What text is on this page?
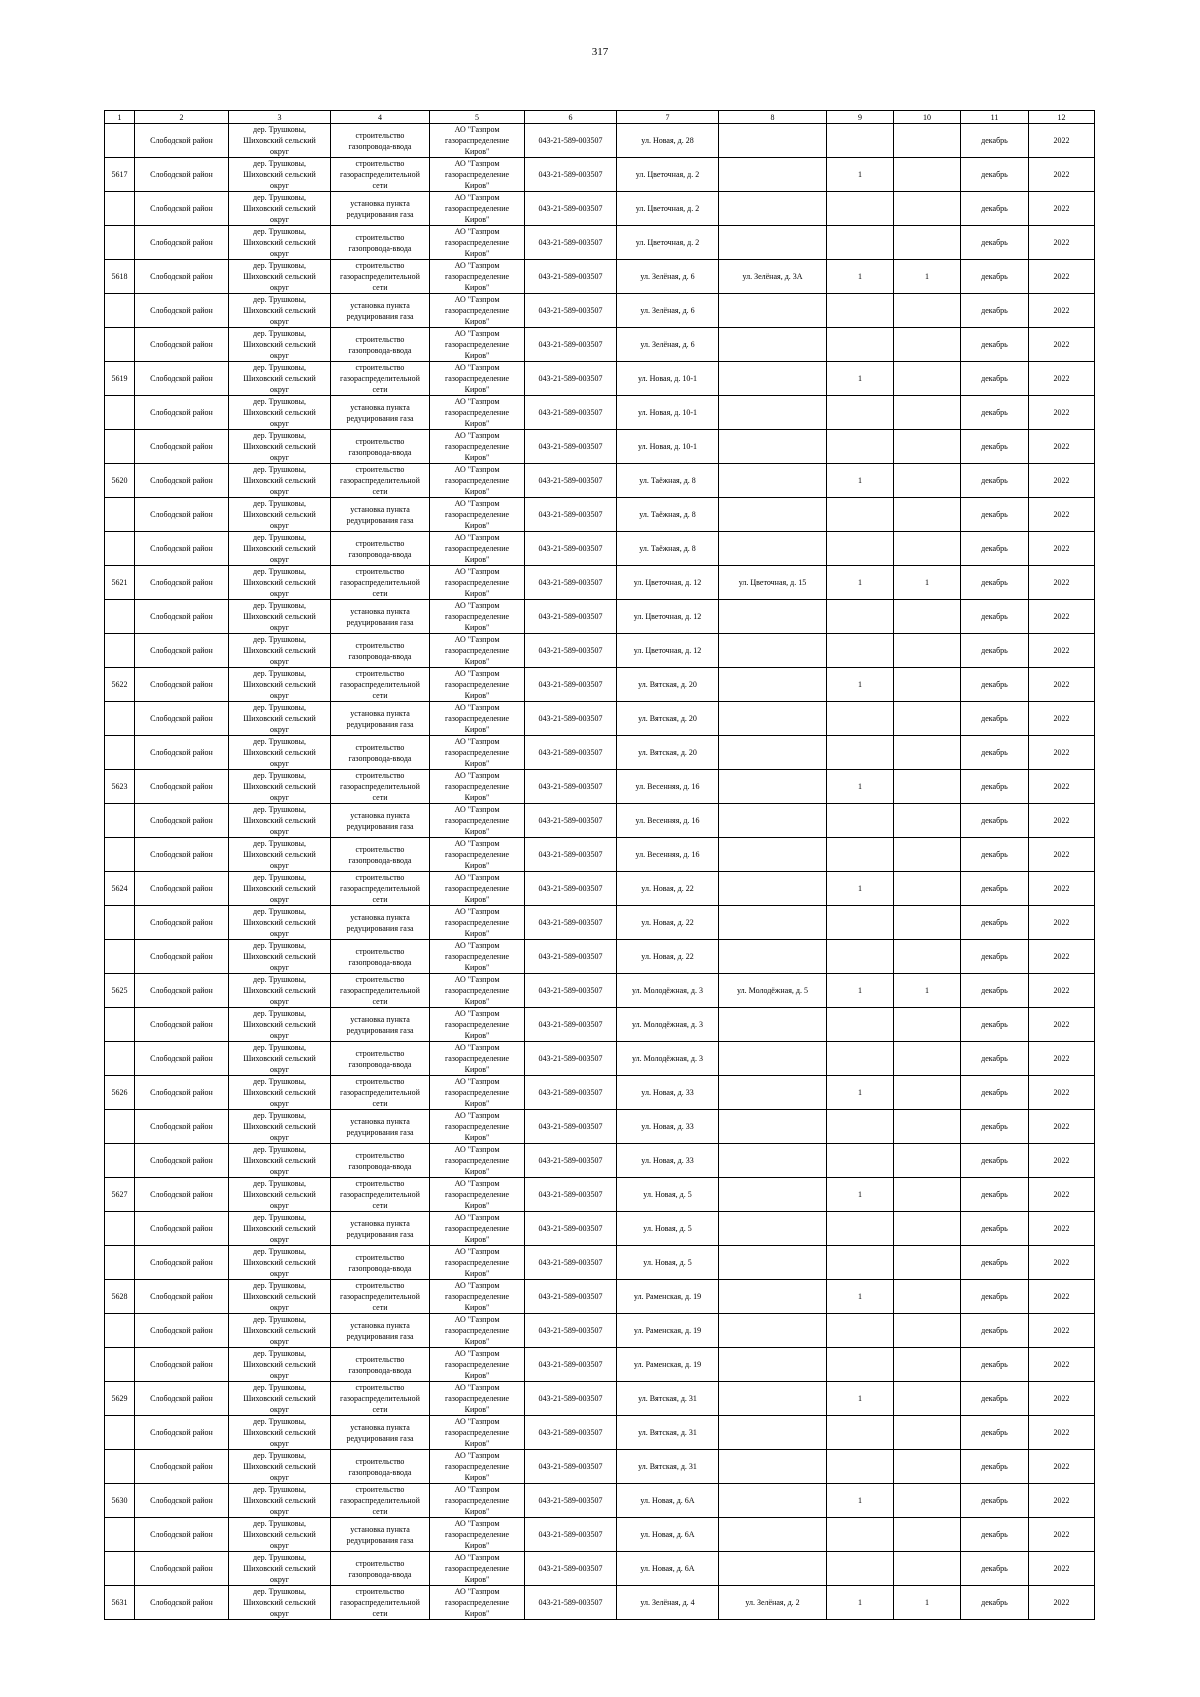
317
1	2	3	4	5	6	7	8	9	10	11	12
	Слободской район	дер. Трушковы,
Шиховский сельский
округ	строительство
газопровода-ввода	АО "Газпром
газораспределение
Киров"	043-21-589-003507	ул. Новая, д. 28				декабрь	2022
5617	Слободской район	дер. Трушковы,
Шиховский сельский
округ	строительство
газораспределительной
сети	АО "Газпром
газораспределение
Киров"	043-21-589-003507	ул. Цветочная, д. 2		1		декабрь	2022
	Слободской район	дер. Трушковы,
Шиховский сельский
округ	установка пункта
редуцирования газа	АО "Газпром
газораспределение
Киров"	043-21-589-003507	ул. Цветочная, д. 2				декабрь	2022
	Слободской район	дер. Трушковы,
Шиховский сельский
округ	строительство
газопровода-ввода	АО "Газпром
газораспределение
Киров"	043-21-589-003507	ул. Цветочная, д. 2				декабрь	2022
5618	Слободской район	дер. Трушковы,
Шиховский сельский
округ	строительство
газораспределительной
сети	АО "Газпром
газораспределение
Киров"	043-21-589-003507	ул. Зелёная, д. 6	ул. Зелёная, д. 3А	1	1	декабрь	2022
	Слободской район	дер. Трушковы,
Шиховский сельский
округ	установка пункта
редуцирования газа	АО "Газпром
газораспределение
Киров"	043-21-589-003507	ул. Зелёная, д. 6				декабрь	2022
	Слободской район	дер. Трушковы,
Шиховский сельский
округ	строительство
газопровода-ввода	АО "Газпром
газораспределение
Киров"	043-21-589-003507	ул. Зелёная, д. 6				декабрь	2022
5619	Слободской район	дер. Трушковы,
Шиховский сельский
округ	строительство
газораспределительной
сети	АО "Газпром
газораспределение
Киров"	043-21-589-003507	ул. Новая, д. 10-1		1		декабрь	2022
	Слободской район	дер. Трушковы,
Шиховский сельский
округ	установка пункта
редуцирования газа	АО "Газпром
газораспределение
Киров"	043-21-589-003507	ул. Новая, д. 10-1				декабрь	2022
	Слободской район	дер. Трушковы,
Шиховский сельский
округ	строительство
газопровода-ввода	АО "Газпром
газораспределение
Киров"	043-21-589-003507	ул. Новая, д. 10-1				декабрь	2022
5620	Слободской район	дер. Трушковы,
Шиховский сельский
округ	строительство
газораспределительной
сети	АО "Газпром
газораспределение
Киров"	043-21-589-003507	ул. Таёжная, д. 8		1		декабрь	2022
	Слободской район	дер. Трушковы,
Шиховский сельский
округ	установка пункта
редуцирования газа	АО "Газпром
газораспределение
Киров"	043-21-589-003507	ул. Таёжная, д. 8				декабрь	2022
	Слободской район	дер. Трушковы,
Шиховский сельский
округ	строительство
газопровода-ввода	АО "Газпром
газораспределение
Киров"	043-21-589-003507	ул. Таёжная, д. 8				декабрь	2022
5621	Слободской район	дер. Трушковы,
Шиховский сельский
округ	строительство
газораспределительной
сети	АО "Газпром
газораспределение
Киров"	043-21-589-003507	ул. Цветочная, д. 12	ул. Цветочная, д. 15	1	1	декабрь	2022
	Слободской район	дер. Трушковы,
Шиховский сельский
округ	установка пункта
редуцирования газа	АО "Газпром
газораспределение
Киров"	043-21-589-003507	ул. Цветочная, д. 12				декабрь	2022
	Слободской район	дер. Трушковы,
Шиховский сельский
округ	строительство
газопровода-ввода	АО "Газпром
газораспределение
Киров"	043-21-589-003507	ул. Цветочная, д. 12				декабрь	2022
5622	Слободской район	дер. Трушковы,
Шиховский сельский
округ	строительство
газораспределительной
сети	АО "Газпром
газораспределение
Киров"	043-21-589-003507	ул. Вятская, д. 20		1		декабрь	2022
	Слободской район	дер. Трушковы,
Шиховский сельский
округ	установка пункта
редуцирования газа	АО "Газпром
газораспределение
Киров"	043-21-589-003507	ул. Вятская, д. 20				декабрь	2022
	Слободской район	дер. Трушковы,
Шиховский сельский
округ	строительство
газопровода-ввода	АО "Газпром
газораспределение
Киров"	043-21-589-003507	ул. Вятская, д. 20				декабрь	2022
5623	Слободской район	дер. Трушковы,
Шиховский сельский
округ	строительство
газораспределительной
сети	АО "Газпром
газораспределение
Киров"	043-21-589-003507	ул. Весенняя, д. 16		1		декабрь	2022
	Слободской район	дер. Трушковы,
Шиховский сельский
округ	установка пункта
редуцирования газа	АО "Газпром
газораспределение
Киров"	043-21-589-003507	ул. Весенняя, д. 16				декабрь	2022
	Слободской район	дер. Трушковы,
Шиховский сельский
округ	строительство
газопровода-ввода	АО "Газпром
газораспределение
Киров"	043-21-589-003507	ул. Весенняя, д. 16				декабрь	2022
5624	Слободской район	дер. Трушковы,
Шиховский сельский
округ	строительство
газораспределительной
сети	АО "Газпром
газораспределение
Киров"	043-21-589-003507	ул. Новая, д. 22		1		декабрь	2022
	Слободской район	дер. Трушковы,
Шиховский сельский
округ	установка пункта
редуцирования газа	АО "Газпром
газораспределение
Киров"	043-21-589-003507	ул. Новая, д. 22				декабрь	2022
	Слободской район	дер. Трушковы,
Шиховский сельский
округ	строительство
газопровода-ввода	АО "Газпром
газораспределение
Киров"	043-21-589-003507	ул. Новая, д. 22				декабрь	2022
5625	Слободской район	дер. Трушковы,
Шиховский сельский
округ	строительство
газораспределительной
сети	АО "Газпром
газораспределение
Киров"	043-21-589-003507	ул. Молодёжная, д. 3	ул. Молодёжная, д. 5	1	1	декабрь	2022
	Слободской район	дер. Трушковы,
Шиховский сельский
округ	установка пункта
редуцирования газа	АО "Газпром
газораспределение
Киров"	043-21-589-003507	ул. Молодёжная, д. 3				декабрь	2022
	Слободской район	дер. Трушковы,
Шиховский сельский
округ	строительство
газопровода-ввода	АО "Газпром
газораспределение
Киров"	043-21-589-003507	ул. Молодёжная, д. 3				декабрь	2022
5626	Слободской район	дер. Трушковы,
Шиховский сельский
округ	строительство
газораспределительной
сети	АО "Газпром
газораспределение
Киров"	043-21-589-003507	ул. Новая, д. 33		1		декабрь	2022
	Слободской район	дер. Трушковы,
Шиховский сельский
округ	установка пункта
редуцирования газа	АО "Газпром
газораспределение
Киров"	043-21-589-003507	ул. Новая, д. 33				декабрь	2022
	Слободской район	дер. Трушковы,
Шиховский сельский
округ	строительство
газопровода-ввода	АО "Газпром
газораспределение
Киров"	043-21-589-003507	ул. Новая, д. 33				декабрь	2022
5627	Слободской район	дер. Трушковы,
Шиховский сельский
округ	строительство
газораспределительной
сети	АО "Газпром
газораспределение
Киров"	043-21-589-003507	ул. Новая, д. 5		1		декабрь	2022
	Слободской район	дер. Трушковы,
Шиховский сельский
округ	установка пункта
редуцирования газа	АО "Газпром
газораспределение
Киров"	043-21-589-003507	ул. Новая, д. 5				декабрь	2022
	Слободской район	дер. Трушковы,
Шиховский сельский
округ	строительство
газопровода-ввода	АО "Газпром
газораспределение
Киров"	043-21-589-003507	ул. Новая, д. 5				декабрь	2022
5628	Слободской район	дер. Трушковы,
Шиховский сельский
округ	строительство
газораспределительной
сети	АО "Газпром
газораспределение
Киров"	043-21-589-003507	ул. Раменская, д. 19		1		декабрь	2022
	Слободской район	дер. Трушковы,
Шиховский сельский
округ	установка пункта
редуцирования газа	АО "Газпром
газораспределение
Киров"	043-21-589-003507	ул. Раменская, д. 19				декабрь	2022
	Слободской район	дер. Трушковы,
Шиховский сельский
округ	строительство
газопровода-ввода	АО "Газпром
газораспределение
Киров"	043-21-589-003507	ул. Раменская, д. 19				декабрь	2022
5629	Слободской район	дер. Трушковы,
Шиховский сельский
округ	строительство
газораспределительной
сети	АО "Газпром
газораспределение
Киров"	043-21-589-003507	ул. Вятская, д. 31		1		декабрь	2022
	Слободской район	дер. Трушковы,
Шиховский сельский
округ	установка пункта
редуцирования газа	АО "Газпром
газораспределение
Киров"	043-21-589-003507	ул. Вятская, д. 31				декабрь	2022
	Слободской район	дер. Трушковы,
Шиховский сельский
округ	строительство
газопровода-ввода	АО "Газпром
газораспределение
Киров"	043-21-589-003507	ул. Вятская, д. 31				декабрь	2022
5630	Слободской район	дер. Трушковы,
Шиховский сельский
округ	строительство
газораспределительной
сети	АО "Газпром
газораспределение
Киров"	043-21-589-003507	ул. Новая, д. 6А		1		декабрь	2022
	Слободской район	дер. Трушковы,
Шиховский сельский
округ	установка пункта
редуцирования газа	АО "Газпром
газораспределение
Киров"	043-21-589-003507	ул. Новая, д. 6А				декабрь	2022
	Слободской район	дер. Трушковы,
Шиховский сельский
округ	строительство
газопровода-ввода	АО "Газпром
газораспределение
Киров"	043-21-589-003507	ул. Новая, д. 6А				декабрь	2022
5631	Слободской район	дер. Трушковы,
Шиховский сельский
округ	строительство
газораспределительной
сети	АО "Газпром
газораспределение
Киров"	043-21-589-003507	ул. Зелёная, д. 4	ул. Зелёная, д. 2	1	1	декабрь	2022
